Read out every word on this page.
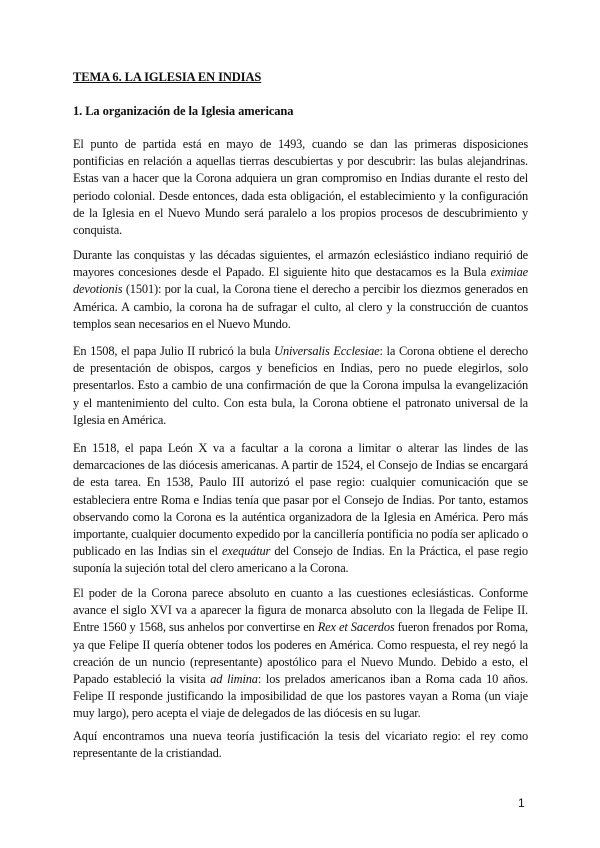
TEMA 6. LA IGLESIA EN INDIAS
1. La organización de la Iglesia americana

El punto de partida está en mayo de 1493, cuando se dan las primeras disposiciones pontificias en relación a aquellas tierras descubiertas y por descubrir: las bulas alejandrinas. Estas van a hacer que la Corona adquiera un gran compromiso en Indias durante el resto del periodo colonial. Desde entonces, dada esta obligación, el establecimiento y la configuración de la Iglesia en el Nuevo Mundo será paralelo a los propios procesos de descubrimiento y conquista.

Durante las conquistas y las décadas siguientes, el armazón eclesiástico indiano requirió de mayores concesiones desde el Papado. El siguiente hito que destacamos es la Bula eximiae devotionis (1501): por la cual, la Corona tiene el derecho a percibir los diezmos generados en América. A cambio, la corona ha de sufragar el culto, al clero y la construcción de cuantos templos sean necesarios en el Nuevo Mundo.

En 1508, el papa Julio II rubricó la bula Universalis Ecclesiae: la Corona obtiene el derecho de presentación de obispos, cargos y beneficios en Indias, pero no puede elegirlos, solo presentarlos. Esto a cambio de una confirmación de que la Corona impulsa la evangelización y el mantenimiento del culto. Con esta bula, la Corona obtiene el patronato universal de la Iglesia en América.

En 1518, el papa León X va a facultar a la corona a limitar o alterar las lindes de las demarcaciones de las diócesis americanas. A partir de 1524, el Consejo de Indias se encargará de esta tarea. En 1538, Paulo III autorizó el pase regio: cualquier comunicación que se estableciera entre Roma e Indias tenía que pasar por el Consejo de Indias. Por tanto, estamos observando como la Corona es la auténtica organizadora de la Iglesia en América. Pero más importante, cualquier documento expedido por la cancillería pontificia no podía ser aplicado o publicado en las Indias sin el exequátur del Consejo de Indias. En la Práctica, el pase regio suponía la sujeción total del clero americano a la Corona.

El poder de la Corona parece absoluto en cuanto a las cuestiones eclesiásticas. Conforme avance el siglo XVI va a aparecer la figura de monarca absoluto con la llegada de Felipe II. Entre 1560 y 1568, sus anhelos por convertirse en Rex et Sacerdos fueron frenados por Roma, ya que Felipe II quería obtener todos los poderes en América. Como respuesta, el rey negó la creación de un nuncio (representante) apostólico para el Nuevo Mundo. Debido a esto, el Papado estableció la visita ad limina: los prelados americanos iban a Roma cada 10 años. Felipe II responde justificando la imposibilidad de que los pastores vayan a Roma (un viaje muy largo), pero acepta el viaje de delegados de las diócesis en su lugar.

Aquí encontramos una nueva teoría justificación la tesis del vicariato regio: el rey como representante de la cristiandad.

1
